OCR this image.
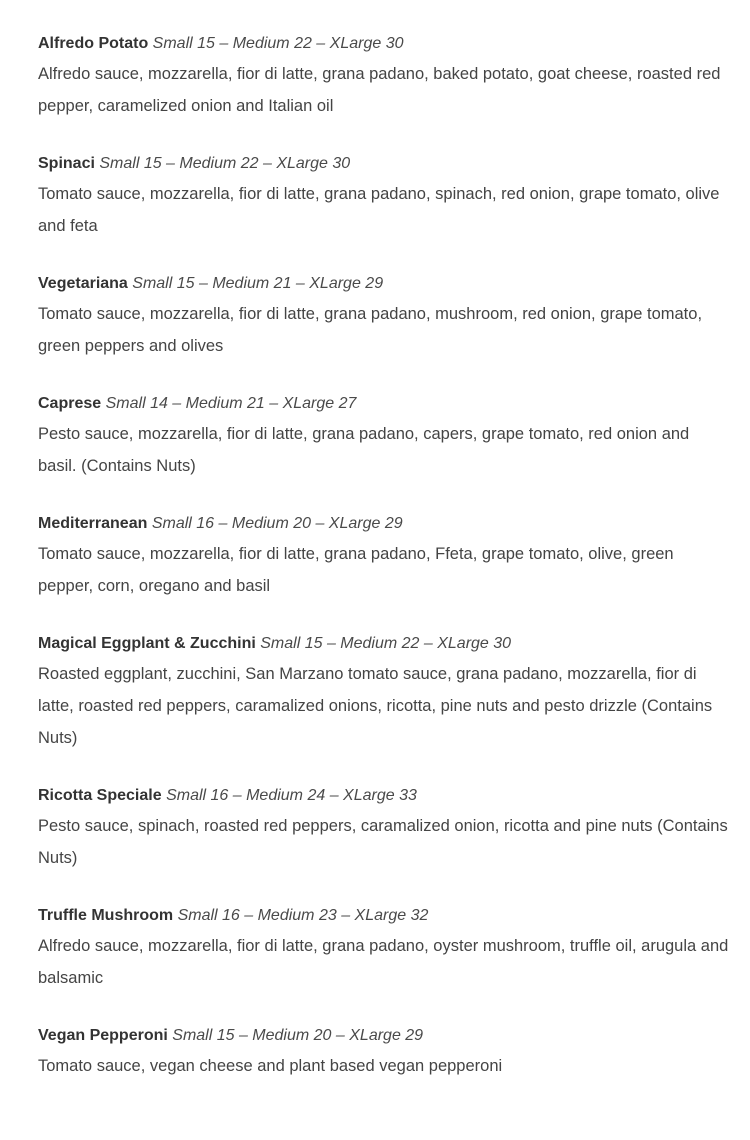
Alfredo Potato Small 15 – Medium 22 – XLarge 30

Alfredo sauce, mozzarella, fior di latte, grana padano, baked potato, goat cheese, roasted red pepper, caramelized onion and Italian oil

Spinaci Small 15 – Medium 22 – XLarge 30

Tomato sauce, mozzarella, fior di latte, grana padano, spinach, red onion, grape tomato, olive and feta

Vegetariana Small 15 – Medium 21 – XLarge 29

Tomato sauce, mozzarella, fior di latte, grana padano, mushroom, red onion, grape tomato, green peppers and olives

Caprese Small 14 – Medium 21 – XLarge 27

Pesto sauce, mozzarella, fior di latte, grana padano, capers, grape tomato, red onion and basil. (Contains Nuts)

Mediterranean Small 16 – Medium 20 – XLarge 29

Tomato sauce, mozzarella, fior di latte, grana padano, Ffeta, grape tomato, olive, green pepper, corn, oregano and basil

Magical Eggplant & Zucchini Small 15 – Medium 22 – XLarge 30

Roasted eggplant, zucchini, San Marzano tomato sauce, grana padano, mozzarella, fior di latte, roasted red peppers, caramalized onions, ricotta, pine nuts and pesto drizzle (Contains Nuts)

Ricotta Speciale Small 16 – Medium 24 – XLarge 33

Pesto sauce, spinach, roasted red peppers, caramalized onion, ricotta and pine nuts (Contains Nuts)

Truffle Mushroom Small 16 – Medium 23 – XLarge 32

Alfredo sauce, mozzarella, fior di latte, grana padano, oyster mushroom, truffle oil, arugula and balsamic

Vegan Pepperoni Small 15 – Medium 20 – XLarge 29

Tomato sauce, vegan cheese and plant based vegan pepperoni
